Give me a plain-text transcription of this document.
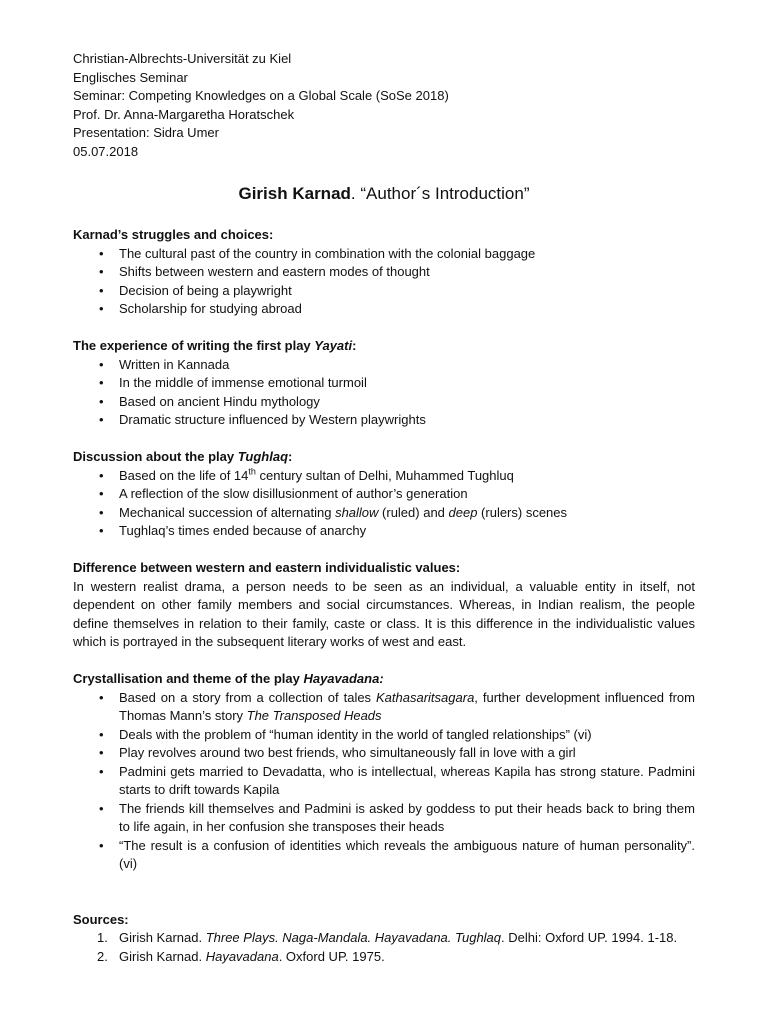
Christian-Albrechts-Universität zu Kiel

Englisches Seminar

Seminar: Competing Knowledges on a Global Scale (SoSe 2018)

Prof. Dr. Anna-Margaretha Horatschek

Presentation: Sidra Umer

05.07.2018

Girish Karnad. “Author´s Introduction”

Karnad’s struggles and choices:

• The cultural past of the country in combination with the colonial baggage
• Shifts between western and eastern modes of thought
• Decision of being a playwright
• Scholarship for studying abroad

The experience of writing the first play Yayati:

• Written in Kannada
• In the middle of immense emotional turmoil
• Based on ancient Hindu mythology
• Dramatic structure influenced by Western playwrights

Discussion about the play Tughlaq:

• Based on the life of 14th century sultan of Delhi, Muhammed Tughluq
• A reflection of the slow disillusionment of author’s generation
• Mechanical succession of alternating shallow (ruled) and deep (rulers) scenes
• Tughlaq’s times ended because of anarchy

Difference between western and eastern individualistic values:

In western realist drama, a person needs to be seen as an individual, a valuable entity in itself, not dependent on other family members and social circumstances. Whereas, in Indian realism, the people define themselves in relation to their family, caste or class. It is this difference in the individualistic values which is portrayed in the subsequent literary works of west and east.

Crystallisation and theme of the play Hayavadana:

• Based on a story from a collection of tales Kathasaritsagara, further development influenced from Thomas Mann’s story The Transposed Heads
• Deals with the problem of “human identity in the world of tangled relationships” (vi)
• Play revolves around two best friends, who simultaneously fall in love with a girl
• Padmini gets married to Devadatta, who is intellectual, whereas Kapila has strong stature. Padmini starts to drift towards Kapila
• The friends kill themselves and Padmini is asked by goddess to put their heads back to bring them to life again, in her confusion she transposes their heads
• “The result is a confusion of identities which reveals the ambiguous nature of human personality”. (vi)

Sources:

1. Girish Karnad. Three Plays. Naga-Mandala. Hayavadana. Tughlaq. Delhi: Oxford UP. 1994. 1-18.
2. Girish Karnad. Hayavadana. Oxford UP. 1975.
